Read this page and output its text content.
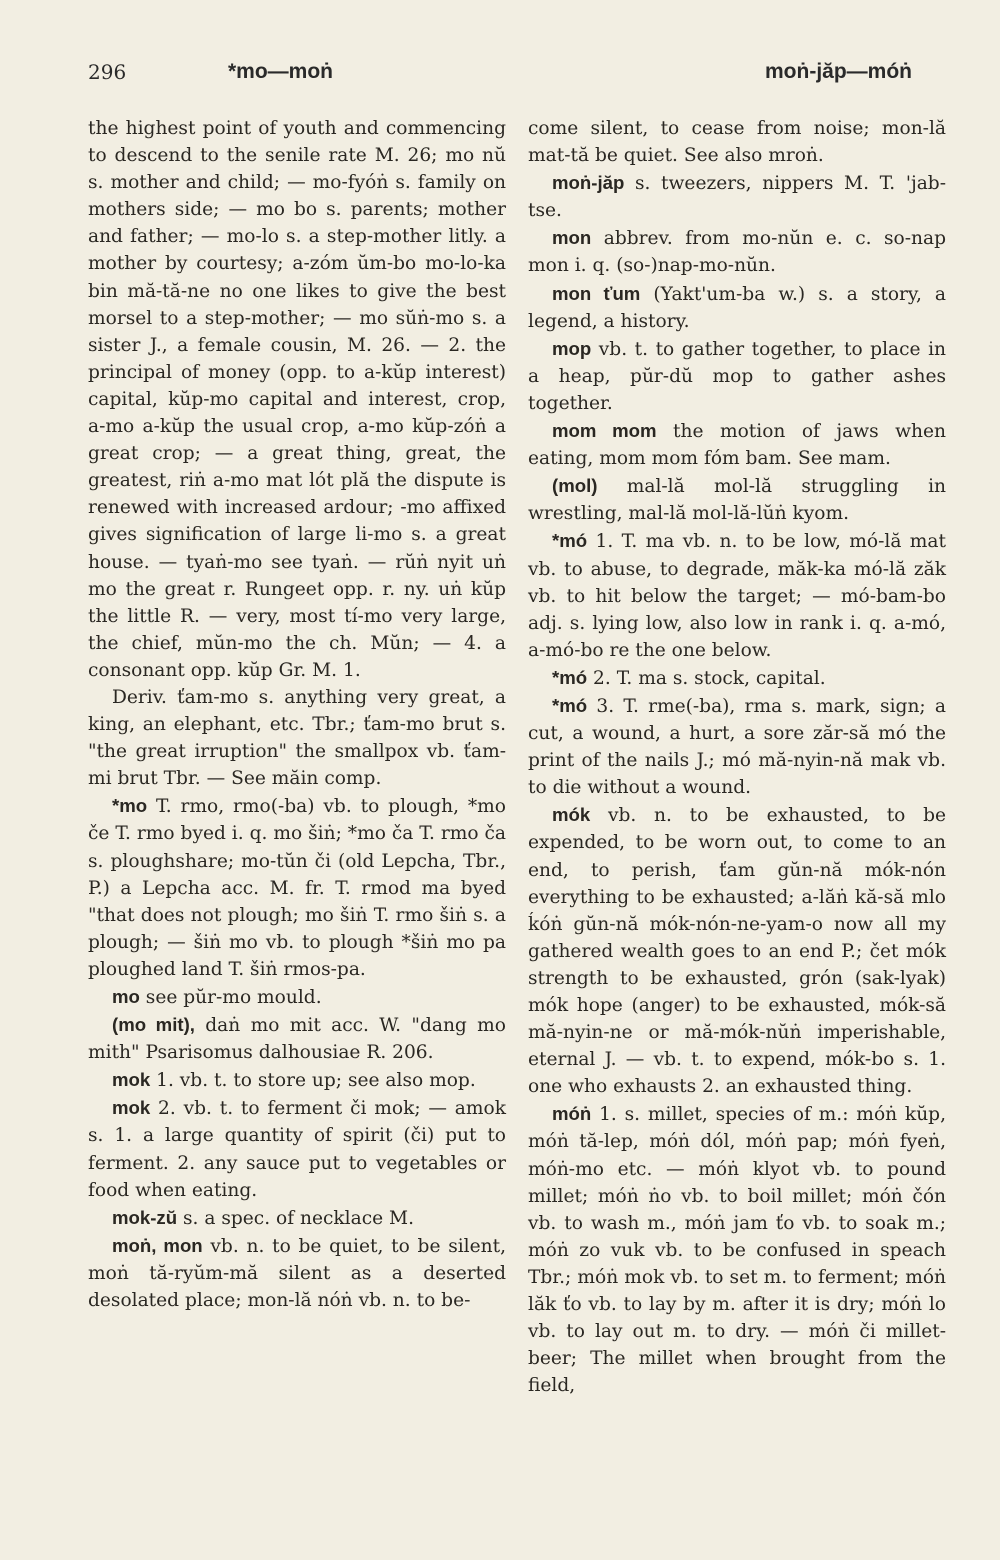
296	*mo—moṅ	moṅ-jăp—móṅ

the highest point of youth and commencing to descend to the senile rate M. 26; mo nŭ s. mother and child; — mo-fyóṅ s. family on mothers side; — mo bo s. parents; mother and father; — mo-lo s. a step-mother litly. a mother by courtesy; a-zóm ŭm-bo mo-lo-ka bin mă-tă-ne no one likes to give the best morsel to a step-mother; — mo sŭṅ-mo s. a sister J., a female cousin, M. 26. — 2. the principal of money (opp. to a-kŭp interest) capital, kŭp-mo capital and interest, crop, a-mo a-kŭp the usual crop, a-mo kŭp-zóṅ a great crop; — a great thing, great, the greatest, riṅ a-mo mat lót plă the dispute is renewed with increased ardour; -mo affixed gives signification of large li-mo s. a great house. — tyaṅ-mo see tyaṅ. — rŭṅ nyit uṅ mo the great r. Rungeet opp. r. ny. uṅ kŭp the little R. — very, most tí-mo very large, the chief, mŭn-mo the ch. Mŭn; — 4. a consonant opp. kŭp Gr. M. 1.

Deriv. ťam-mo s. anything very great, a king, an elephant, etc. Tbr.; ťam-mo brut s. "the great irruption" the smallpox vb. ťam-mi brut Tbr. — See măin comp.

*mo T. rmo, rmo(-ba) vb. to plough, *mo če T. rmo byed i. q. mo šiṅ; *mo ča T. rmo ča s. ploughshare; mo-tŭn či (old Lepcha, Tbr., P.) a Lepcha acc. M. fr. T. rmod ma byed "that does not plough; mo šiṅ T. rmo šiṅ s. a plough; — šiṅ mo vb. to plough *šiṅ mo pa ploughed land T. šiṅ rmos-pa.

mo see pŭr-mo mould.

(mo mit), daṅ mo mit acc. W. "dang mo mith" Psarisomus dalhousiae R. 206.

mok 1. vb. t. to store up; see also mop.

mok 2. vb. t. to ferment či mok; — amok s. 1. a large quantity of spirit (či) put to ferment. 2. any sauce put to vegetables or food when eating.

mok-zŭ s. a spec. of necklace M.

moṅ, mon vb. n. to be quiet, to be silent, moṅ tă-ryŭm-mă silent as a deserted desolated place; mon-lă nóṅ vb. n. to be-

come silent, to cease from noise; mon-lă mat-tă be quiet. See also mroṅ.

moṅ-jăp s. tweezers, nippers M. T. 'jab-tse.

mon abbrev. from mo-nŭn e. c. so-nap mon i. q. (so-)nap-mo-nŭn.

mon ťum (Yakt'um-ba w.) s. a story, a legend, a history.

mop vb. t. to gather together, to place in a heap, pŭr-dŭ mop to gather ashes together.

mom mom the motion of jaws when eating, mom mom fóm bam. See mam.

(mol) mal-lă mol-lă struggling in wrestling, mal-lă mol-lă-lŭṅ kyom.

*mó 1. T. ma vb. n. to be low, mó-lă mat vb. to abuse, to degrade, măk-ka mó-lă zăk vb. to hit below the target; — mó-bam-bo adj. s. lying low, also low in rank i. q. a-mó, a-mó-bo re the one below.

*mó 2. T. ma s. stock, capital.

*mó 3. T. rme(-ba), rma s. mark, sign; a cut, a wound, a hurt, a sore zăr-să mó the print of the nails J.; mó mă-nyin-nă mak vb. to die without a wound.

mók vb. n. to be exhausted, to be expended, to be worn out, to come to an end, to perish, ťam gŭn-nă mók-nón everything to be exhausted; a-lăṅ kă-să mlo ḱóṅ gŭn-nă mók-nón-ne-yam-o now all my gathered wealth goes to an end P.; čet mók strength to be exhausted, grón (sak-lyak) mók hope (anger) to be exhausted, mók-să mă-nyin-ne or mă-mók-nŭṅ imperishable, eternal J. — vb. t. to expend, mók-bo s. 1. one who exhausts 2. an exhausted thing.

móṅ 1. s. millet, species of m.: móṅ kŭp, móṅ tă-lep, móṅ dól, móṅ pap; móṅ fyeṅ, móṅ-mo etc. — móṅ klyot vb. to pound millet; móṅ ṅo vb. to boil millet; móṅ čón vb. to wash m., móṅ jam ťo vb. to soak m.; móṅ zo vuk vb. to be confused in speach Tbr.; móṅ mok vb. to set m. to ferment; móṅ lăk ťo vb. to lay by m. after it is dry; móṅ lo vb. to lay out m. to dry. — móṅ či millet-beer; The millet when brought from the field,
